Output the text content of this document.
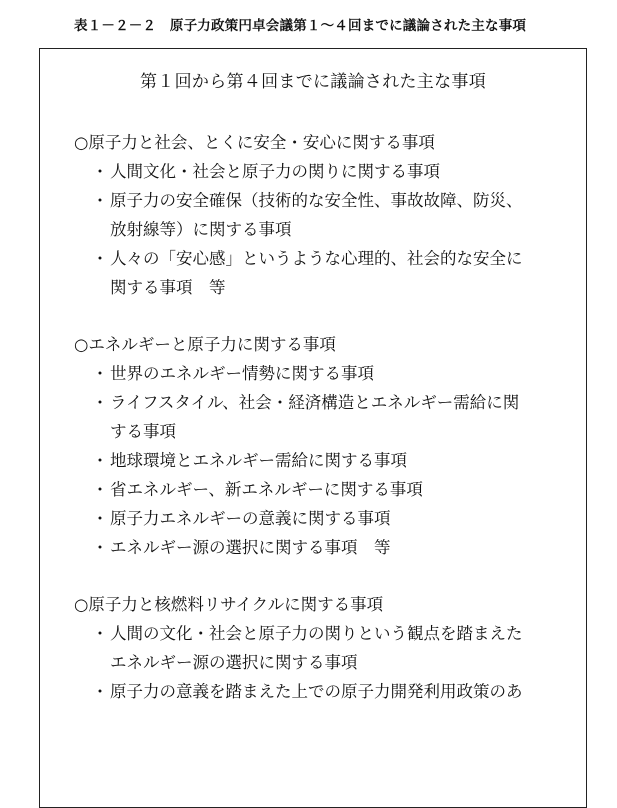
表１－２－２　原子力政策円卓会議第１～４回までに議論された主な事項
第１回から第４回までに議論された主な事項
○原子力と社会、とくに安全・安心に関する事項
・ 人間文化・社会と原子力の関りに関する事項
・ 原子力の安全確保（技術的な安全性、事故故障、防災、
放射線等）に関する事項
・ 人々の「安心感」というような心理的、社会的な安全に
関する事項　等
○エネルギーと原子力に関する事項
・ 世界のエネルギー情勢に関する事項
・ ライフスタイル、社会・経済構造とエネルギー需給に関
する事項
・ 地球環境とエネルギー需給に関する事項
・ 省エネルギー、新エネルギーに関する事項
・ 原子力エネルギーの意義に関する事項
・ エネルギー源の選択に関する事項　等
○原子力と核燃料リサイクルに関する事項
・ 人間の文化・社会と原子力の関りという観点を踏まえた
エネルギー源の選択に関する事項
・ 原子力の意義を踏まえた上での原子力開発利用政策のあ
